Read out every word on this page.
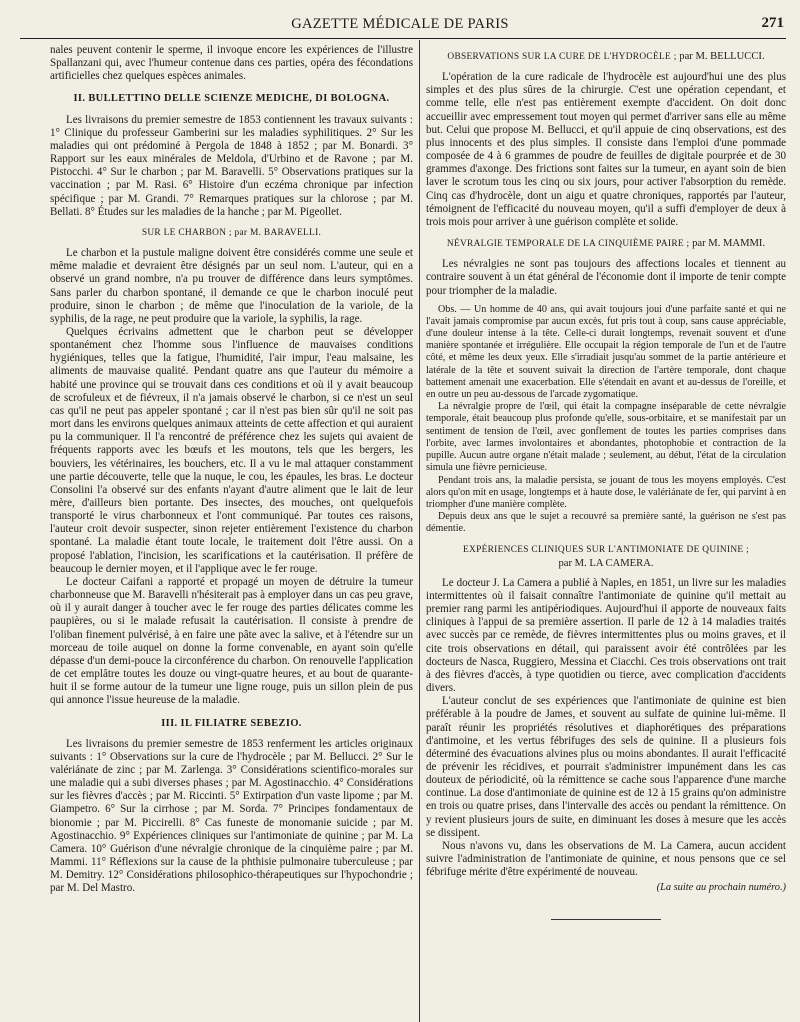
GAZETTE MÉDICALE DE PARIS	271

nales peuvent contenir le sperme, il invoque encore les expériences de l'illustre Spallanzani qui, avec l'humeur contenue dans ces parties, opéra des fécondations artificielles chez quelques espèces animales.

II. BULLETTINO DELLE SCIENZE MEDICHE, DI BOLOGNA.

Les livraisons du premier semestre de 1853 contiennent les travaux suivants : 1° Clinique du professeur Gamberini sur les maladies syphilitiques. 2° Sur les maladies qui ont prédominé à Pergola de 1848 à 1852 ; par M. Bonardi. 3° Rapport sur les eaux minérales de Meldola, d'Urbino et de Ravone ; par M. Pistocchi. 4° Sur le charbon ; par M. Baravelli. 5° Observations pratiques sur la vaccination ; par M. Rasi. 6° Histoire d'un eczéma chronique par infection spécifique ; par M. Grandi. 7° Remarques pratiques sur la chlorose ; par M. Bellati. 8° Études sur les maladies de la hanche ; par M. Pigeollet.

SUR LE CHARBON ; par M. BARAVELLI.

Le charbon et la pustule maligne doivent être considérés comme une seule et même maladie et devraient être désignés par un seul nom. L'auteur, qui en a observé un grand nombre, n'a pu trouver de différence dans leurs symptômes. Sans parler du charbon spontané, il demande ce que le charbon inoculé peut produire, sinon le charbon ; de même que l'inoculation de la variole, de la syphilis, de la rage, ne peut produire que la variole, la syphilis, la rage.

Quelques écrivains admettent que le charbon peut se développer spontanément chez l'homme sous l'influence de mauvaises conditions hygiéniques, telles que la fatigue, l'humidité, l'air impur, l'eau malsaine, les aliments de mauvaise qualité. Pendant quatre ans que l'auteur du mémoire a habité une province qui se trouvait dans ces conditions et où il y avait beaucoup de scrofuleux et de fiévreux, il n'a jamais observé le charbon, si ce n'est un seul cas qu'il ne peut pas appeler spontané ; car il n'est pas bien sûr qu'il ne soit pas mort dans les environs quelques animaux atteints de cette affection et qui auraient pu la communiquer. Il l'a rencontré de préférence chez les sujets qui avaient de fréquents rapports avec les bœufs et les moutons, tels que les bergers, les bouviers, les vétérinaires, les bouchers, etc. Il a vu le mal attaquer constamment une partie découverte, telle que la nuque, le cou, les épaules, les bras. Le docteur Consolini l'a observé sur des enfants n'ayant d'autre aliment que le lait de leur mère, d'ailleurs bien portante. Des insectes, des mouches, ont quelquefois transporté le virus charbonneux et l'ont communiqué. Par toutes ces raisons, l'auteur croit devoir suspecter, sinon rejeter entièrement l'existence du charbon spontané. La maladie étant toute locale, le traitement doit l'être aussi. On a proposé l'ablation, l'incision, les scarifications et la cautérisation. Il préfère de beaucoup le dernier moyen, et il l'applique avec le fer rouge.

Le docteur Caifani a rapporté et propagé un moyen de détruire la tumeur charbonneuse que M. Baravelli n'hésiterait pas à employer dans un cas peu grave, où il y aurait danger à toucher avec le fer rouge des parties délicates comme les paupières, ou si le malade refusait la cautérisation. Il consiste à prendre de l'oliban finement pulvérisé, à en faire une pâte avec la salive, et à l'étendre sur un morceau de toile auquel on donne la forme convenable, en ayant soin qu'elle dépasse d'un demi-pouce la circonférence du charbon. On renouvelle l'application de cet emplâtre toutes les douze ou vingt-quatre heures, et au bout de quarante-huit il se forme autour de la tumeur une ligne rouge, puis un sillon plein de pus qui annonce l'issue heureuse de la maladie.

III. IL FILIATRE SEBEZIO.

Les livraisons du premier semestre de 1853 renferment les articles originaux suivants : 1° Observations sur la cure de l'hydrocèle ; par M. Bellucci. 2° Sur le valériánate de zinc ; par M. Zarlenga. 3° Considérations scientifico-morales sur une maladie qui a subi diverses phases ; par M. Agostinacchio. 4° Considérations sur les fièvres d'accès ; par M. Riccinti. 5° Extirpation d'un vaste lipome ; par M. Giampetro. 6° Sur la cirrhose ; par M. Sorda. 7° Principes fondamentaux de bionomie ; par M. Piccirelli. 8° Cas funeste de monomanie suicide ; par M. Agostinacchio. 9° Expériences cliniques sur l'antimoniate de quinine ; par M. La Camera. 10° Guérison d'une névralgie chronique de la cinquième paire ; par M. Mammi. 11° Réflexions sur la cause de la phthisie pulmonaire tuberculeuse ; par M. Demitry. 12° Considérations philosophico-thérapeutiques sur l'hypochondrie ; par M. Del Mastro.

OBSERVATIONS SUR LA CURE DE L'HYDROCÈLE ; par M. BELLUCCI.

L'opération de la cure radicale de l'hydrocèle est aujourd'hui une des plus simples et des plus sûres de la chirurgie. C'est une opération cependant, et comme telle, elle n'est pas entièrement exempte d'accident. On doit donc accueillir avec empressement tout moyen qui permet d'arriver sans elle au même but. Celui que propose M. Bellucci, et qu'il appuie de cinq observations, est des plus innocents et des plus simples. Il consiste dans l'emploi d'une pommade composée de 4 à 6 grammes de poudre de feuilles de digitale pourprée et de 30 grammes d'axonge. Des frictions sont faites sur la tumeur, en ayant soin de bien laver le scrotum tous les cinq ou six jours, pour activer l'absorption du remède. Cinq cas d'hydrocèle, dont un aigu et quatre chroniques, rapportés par l'auteur, témoignent de l'efficacité du nouveau moyen, qu'il a suffi d'employer de deux à trois mois pour arriver à une guérison complète et solide.

NÉVRALGIE TEMPORALE DE LA CINQUIÈME PAIRE ; par M. MAMMI.

Les névralgies ne sont pas toujours des affections locales et tiennent au contraire souvent à un état général de l'économie dont il importe de tenir compte pour triompher de la maladie.

Obs. — Un homme de 40 ans, qui avait toujours joui d'une parfaite santé et qui ne l'avait jamais compromise par aucun excès, fut pris tout à coup, sans cause appréciable, d'une douleur intense à la tête. Celle-ci durait longtemps, revenait souvent et d'une manière spontanée et irrégulière. Elle occupait la région temporale de l'un et de l'autre côté, et même les deux yeux. Elle s'irradiait jusqu'au sommet de la partie antérieure et latérale de la tête et souvent suivait la direction de l'artère temporale, dont chaque battement amenait une exacerbation. Elle s'étendait en avant et au-dessus de l'oreille, et en outre un peu au-dessous de l'arcade zygomatique.

La névralgie propre de l'œil, qui était la compagne inséparable de cette névralgie temporale, était beaucoup plus profonde qu'elle, sous-orbitaire, et se manifestait par un sentiment de tension de l'œil, avec gonflement de toutes les parties comprises dans l'orbite, avec larmes involontaires et abondantes, photophobie et contraction de la pupille. Aucun autre organe n'était malade ; seulement, au début, l'état de la circulation simula une fièvre pernicieuse.

Pendant trois ans, la maladie persista, se jouant de tous les moyens employés. C'est alors qu'on mit en usage, longtemps et à haute dose, le valériánate de fer, qui parvint à en triompher d'une manière complète.

Depuis deux ans que le sujet a recouvré sa première santé, la guérison ne s'est pas démentie.

EXPÉRIENCES CLINIQUES SUR L'ANTIMONIATE DE QUININE ;
par M. LA CAMERA.

Le docteur J. La Camera a publié à Naples, en 1851, un livre sur les maladies intermittentes où il faisait connaître l'antimoniate de quinine qu'il mettait au premier rang parmi les antipériodiques. Aujourd'hui il apporte de nouveaux faits cliniques à l'appui de sa première assertion. Il parle de 12 à 14 maladies traités avec succès par ce remède, de fièvres intermittentes plus ou moins graves, et il cite trois observations en détail, qui paraissent avoir été contrôlées par les docteurs de Nasca, Ruggiero, Messina et Ciacchi. Ces trois observations ont trait à des fièvres d'accès, à type quotidien ou tierce, avec complication d'accidents divers.

L'auteur conclut de ses expériences que l'antimoniate de quinine est bien préférable à la poudre de James, et souvent au sulfate de quinine lui-même. Il paraît réunir les propriétés résolutives et diaphorétiques des préparations d'antimoine, et les vertus fébrifuges des sels de quinine. Il a plusieurs fois déterminé des évacuations alvines plus ou moins abondantes. Il aurait l'efficacité de prévenir les récidives, et pourrait s'administrer impunément dans les cas douteux de périodicité, où la rémittence se cache sous l'apparence d'une marche continue. La dose d'antimoniate de quinine est de 12 à 15 grains qu'on administre en trois ou quatre prises, dans l'intervalle des accès ou pendant la rémittence. On y revient plusieurs jours de suite, en diminuant les doses à mesure que les accès se dissipent.

Nous n'avons vu, dans les observations de M. La Camera, aucun accident suivre l'administration de l'antimoniate de quinine, et nous pensons que ce sel fébrifuge mérite d'être expérimenté de nouveau.

(La suite au prochain numéro.)
